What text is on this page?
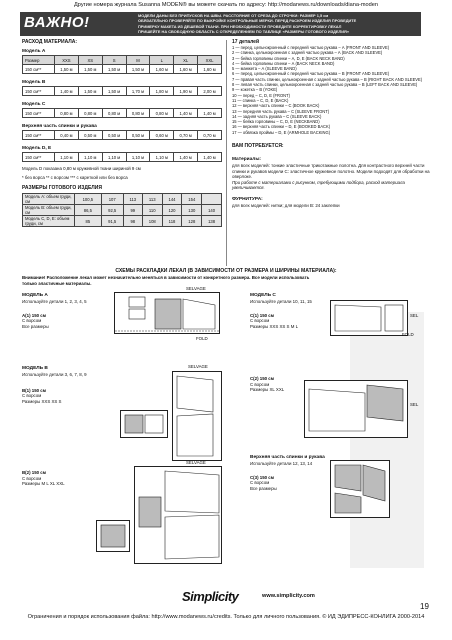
Другие номера журнала Susanna MODEN® вы можете скачать по адресу: http://modanews.ru/downloads/diana-moden
ВАЖНО!	МОДЕЛИ ДАНЫ БЕЗ ПРИПУСКОВ НА ШВЫ. РАССТОЯНИЕ ОТ СРЕЗА ДО СТРОЧКИ: РАЗМЕР 1,5 см
ОБЯЗАТЕЛЬНО ПРОВЕРЯЙТЕ ПО ВЫКРОЙКЕ КОНТРОЛЬНЫЕ МЕРКИ. ПЕРЕД РАСКРОЕМ ИЗДЕЛИЯ ПРОВЕДИТЕ
ПРИМЕРКУ МАКЕТА ИЗ ДЕШЕВОЙ ТКАНИ. ПРИ НЕОБХОДИМОСТИ ПРОВЕДИТЕ КОРРЕКТИРОВКУ ЛЕКАЛ
ПРИШЕЙТЕ НА СВОБОДНУЮ ОБЛАСТЬ С ОТКРЕДЕЛЕНИЕМ ПО ТАБЛИЦЕ «РАЗМЕРЫ ГОТОВОГО ИЗДЕЛИЯ»
РАСХОД МАТЕРИАЛА:
Модель А
Размер	XXS	XS	S	M	L	XL	XXL
150 см**	1,50 м	1,50 м	1,50 м	1,50 м	1,60 м	1,60 м	1,60 м
Модель B
150 см**	1,40 м	1,50 м	1,50 м	1,70 м	1,80 м	1,90 м	2,00 м
Модель C
150 см**	0,80 м	0,80 м	0,80 м	0,80 м	0,80 м	1,40 м	1,40 м
Верхняя часть спинки и рукава
150 см**	0,40 м	0,50 м	0,50 м	0,50 м	0,60 м	0,70 м	0,70 м
Модель D, E
150 см**	1,10 м	1,10 м	1,10 м	1,10 м	1,10 м	1,40 м	1,40 м
Модель D показана 0,80 м кружевной ткани шириной 9 см
* без ворса ** с ворсом *** с кареткой или без ворса
РАЗМЕРЫ ГОТОВОГО ИЗДЕЛИЯ
Модель А: объем груди, см	100,5	107	113	113	144	154	
Модель B: объем груди, см	86,5	92,5	99	110	120	130	140
Модель C, D, E: объем груди, см	85	91,5	98	108	118	128	138
17 деталей
1 — перед, цельнокроенный с передней частью рукава – А (FRONT AND SLEEVE)
2 — спинка, цельнокроенная с задней частью рукава – А (BACK AND SLEEVE)
3 — бейка горловины спинки – А, D, E (BACK NECK BAND)
4 — бейка горловины спинки – А (BACK NECK BAND)
5 — манжета – А (SLEEVE BAND)
6 — перед, цельнокроенный с передней частью рукава – B (FRONT AND SLEEVE)
7 — правая часть спинки, цельнокроенная с задней частью рукава – B (RIGHT BACK AND SLEEVE)
8 — левая часть спинки, цельнокроенная с задней частью рукава – B (LEFT BACK AND SLEEVE)
9 — кокетка – B (YOKE)
10 — перед – C, D, E (FRONT)
11 — спинка – C, D, E (BACK)
12 — верхняя часть спинки – C (BOOK BACK)
13 — передняя часть рукава – C (SLEEVE FRONT)
14 — задняя часть рукава – C (SLEEVE BACK)
15 — бейка горловины – C, D, E (NECKBAND)
16 — верхняя часть спинки – D, E (BOOKED BACK)
17 — обвязка проймы – D, E (ARMHOLE BACKING)
ВАМ ПОТРЕБУЕТСЯ:
Материалы:
для всех моделей: тонкие эластичные трикотажные полотна. Для контрастного верхней части спинки и рукавов модели С: эластичное кружевное полотно. Модели подходят для обработки на оверлоке.
При работе с материалами с рисунком, требующими подбора, расход материала увеличивается.
ФУРНИТУРА:
для всех моделей: нитки; для модели B: 24 заклепки
СХЕМЫ РАСКЛАДКИ ЛЕКАЛ (В ЗАВИСИМОСТИ ОТ РАЗМЕРА И ШИРИНЫ МАТЕРИАЛА):
Внимание! Расположение лекал может незначительно меняться в зависимости от конкретного размера. Все модели использовать только эластичные материалы.
МОДЕЛЬ А
Используйте детали 1, 2, 3, 4, 5
A(1) 150 см
С ворсом
Все размеры
SELVAGE
FOLD
МОДЕЛЬ B
Используйте детали 3, 6, 7, 8, 9
B(1) 150 см
С ворсом
Размеры XXS XS S
SELVAGE
B(2) 150 см
С ворсом
Размеры M L XL XXL
SELVAGE
МОДЕЛЬ C
Используйте детали 10, 11, 15
C(1) 150 см
С ворсом
Размеры XXS XS S M L
FOLD
SEL
C(2) 150 см
С ворсом
Размеры XL XXL
SEL
Верхняя часть спинки и рукава
Используйте детали 12, 13, 14
C(3) 150 см
С ворсом
Все размеры
Simplicity	www.simplicity.com
19
Ограничения и порядок использования файла: http://www.modanews.ru/credits. Только для личного пользования. © ИД ЭДИПРЕСС-КОНЛИГА 2000-2014
